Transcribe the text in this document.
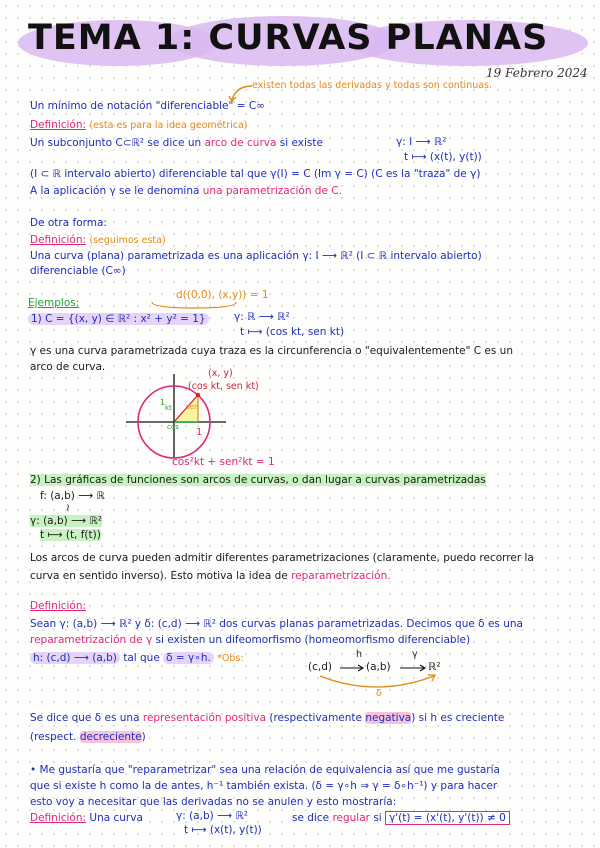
TEMA 1: CURVAS PLANAS
19 Febrero 2024
existen todas las derivadas y todas son continuas.
Un mínimo de notación "diferenciable" = C∞
Definición: (esta es para la idea geométrica)
Un subconjunto C⊂ℝ² se dice un arco de curva si existe	γ: I ⟶ ℝ²
t ⟼ (x(t), y(t))
(I ⊂ ℝ intervalo abierto) diferenciable tal que γ(I) = C (Im γ = C) (C es la "traza" de γ)
A la aplicación γ se le denomina una parametrización de C.
De otra forma:
Definición: (seguimos esta)
Una curva (plana) parametrizada es una aplicación γ: I ⟶ ℝ² (I ⊂ ℝ intervalo abierto)
diferenciable (C∞)
Ejemplos:
d((0,0), (x,y)) = 1
1) C = {(x, y) ∈ ℝ² : x² + y² = 1}	γ: ℝ ⟶ ℝ²
t ⟼ (cos kt, sen kt)
γ es una curva parametrizada cuya traza es la circunferencia o "equivalentemente" C es un
arco de curva.
(x, y)
(cos kt, sen kt)
kt
cos
sen
1
1
cos²kt + sen²kt = 1
2) Las gráficas de funciones son arcos de curvas, o dan lugar a curvas parametrizadas
f: (a,b) ⟶ ℝ
≀
γ: (a,b) ⟶ ℝ²
t ⟼ (t, f(t))
Los arcos de curva pueden admitir diferentes parametrizaciones (claramente, puedo recorrer la
curva en sentido inverso). Esto motiva la idea de reparametrización.
Definición:
Sean γ: (a,b) ⟶ ℝ² y δ: (c,d) ⟶ ℝ² dos curvas planas parametrizadas. Decimos que δ es una
reparametrización de γ si existen un difeomorfismo (homeomorfismo diferenciable)
h: (c,d) ⟶ (a,b) tal que δ = γ∘h. *Obs:
(c,d)	(a,b)	ℝ²
h	γ
δ
Se dice que δ es una representación positiva (respectivamente negativa) si h es creciente
(respect. decreciente)
• Me gustaría que "reparametrizar" sea una relación de equivalencia así que me gustaría
que si existe h como la de antes, h⁻¹ también exista. (δ = γ∘h ⇒ γ = δ∘h⁻¹) y para hacer
esto voy a necesitar que las derivadas no se anulen y esto mostraría:
Definición: Una curva	γ: (a,b) ⟶ ℝ²
t ⟼ (x(t), y(t))
se dice regular si γ'(t) = (x'(t), y'(t)) ≠ 0
